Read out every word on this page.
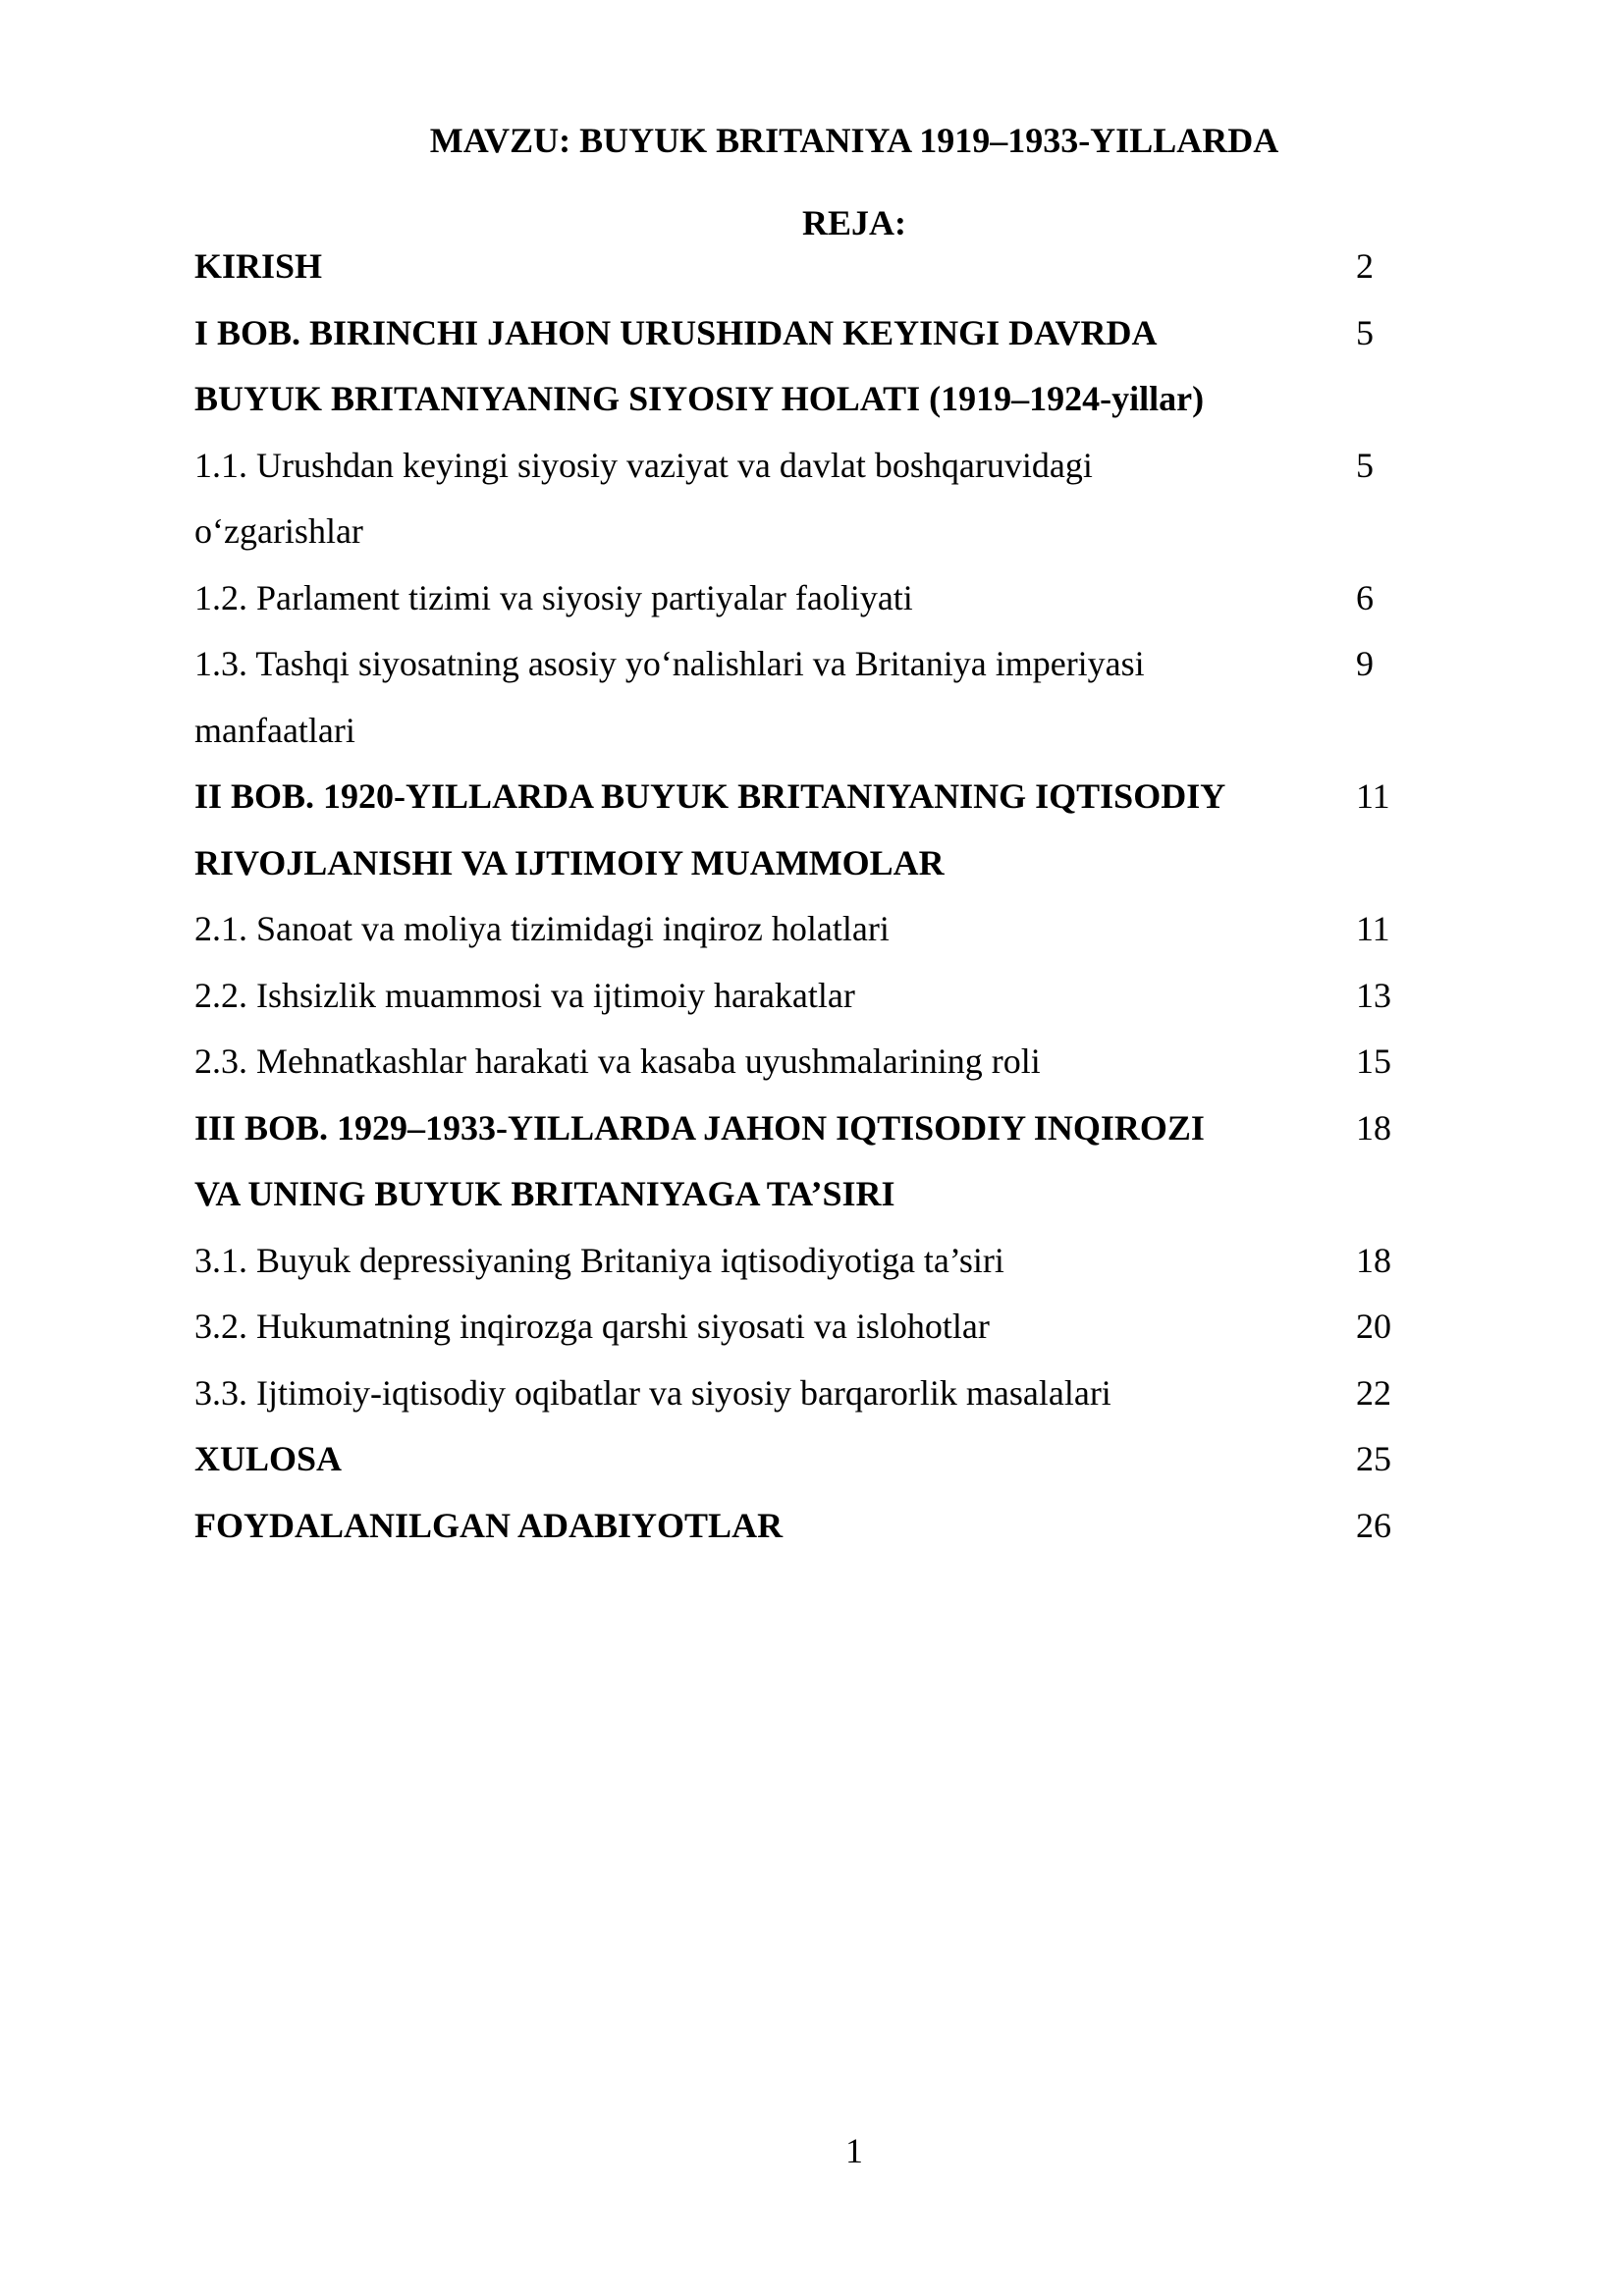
MAVZU: BUYUK BRITANIYA 1919–1933-YILLARDA
REJA:
KIRISH	2
I BOB. BIRINCHI JAHON URUSHIDAN KEYINGI DAVRDA	5
BUYUK BRITANIYANING SIYOSIY HOLATI (1919–1924-yillar)
1.1. Urushdan keyingi siyosiy vaziyat va davlat boshqaruvidagi	5
o‘zgarishlar
1.2. Parlament tizimi va siyosiy partiyalar faoliyati	6
1.3. Tashqi siyosatning asosiy yo‘nalishlari va Britaniya imperiyasi	9
manfaatlari
II BOB. 1920-YILLARDA BUYUK BRITANIYANING IQTISODIY	11
RIVOJLANISHI VA IJTIMOIY MUAMMOLAR
2.1. Sanoat va moliya tizimidagi inqiroz holatlari	11
2.2. Ishsizlik muammosi va ijtimoiy harakatlar	13
2.3. Mehnatkashlar harakati va kasaba uyushmalarining roli	15
III BOB. 1929–1933-YILLARDA JAHON IQTISODIY INQIROZI	18
VA UNING BUYUK BRITANIYAGA TA’SIRI
3.1. Buyuk depressiyaning Britaniya iqtisodiyotiga ta’siri	18
3.2. Hukumatning inqirozga qarshi siyosati va islohotlar	20
3.3. Ijtimoiy-iqtisodiy oqibatlar va siyosiy barqarorlik masalalari	22
XULOSA	25
FOYDALANILGAN ADABIYOTLAR	26
1
